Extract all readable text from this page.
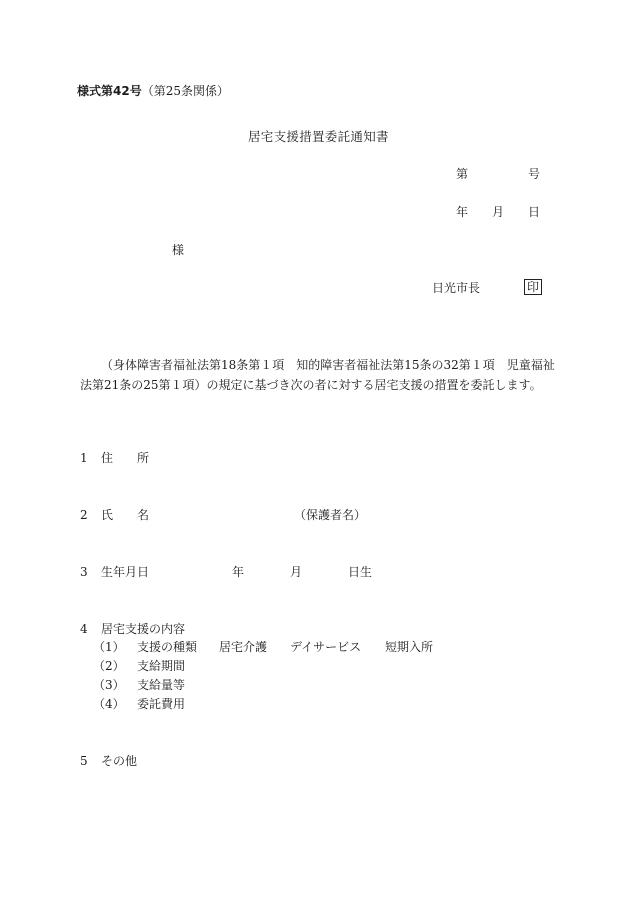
様式第42号（第25条関係）
居宅支援措置委託通知書
第	号
年 月 日
様
日光市長	印
（身体障害者福祉法第18条第１項　知的障害者福祉法第15条の32第１項　児童福祉法第21条の25第１項）の規定に基づき次の者に対する居宅支援の措置を委託します。
1 住　　所
2 氏　　名	（保護者名）
3 生年月日	年	月	日生
4 居宅支援の内容
（1） 支援の種類 居宅介護 デイサービス 短期入所
（2） 支給期間
（3） 支給量等
（4） 委託費用
5 その他
